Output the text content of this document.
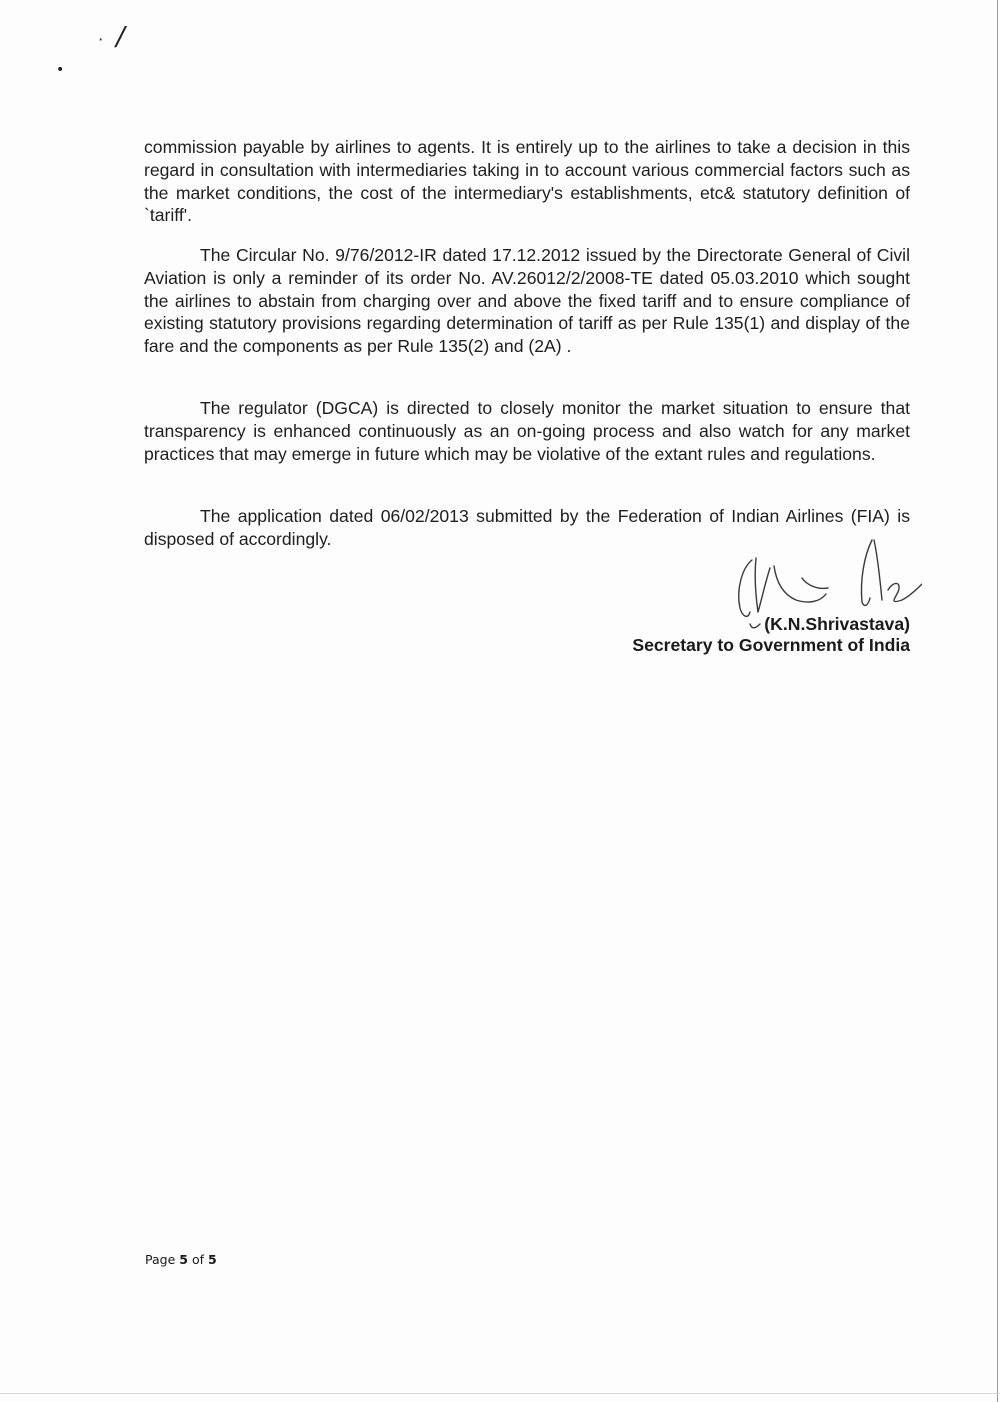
⋅ /
•

commission payable by airlines to agents. It is entirely up to the airlines to take a decision in this regard in consultation with intermediaries taking in to account various commercial factors such as the market conditions, the cost of the intermediary's establishments, etc& statutory definition of `tariff'.

The Circular No. 9/76/2012-IR dated 17.12.2012 issued by the Directorate General of Civil Aviation is only a reminder of its order No. AV.26012/2/2008-TE dated 05.03.2010 which sought the airlines to abstain from charging over and above the fixed tariff and to ensure compliance of existing statutory provisions regarding determination of tariff as per Rule 135(1) and display of the fare and the components as per Rule 135(2) and (2A) .

The regulator (DGCA) is directed to closely monitor the market situation to ensure that transparency is enhanced continuously as an on-going process and also watch for any market practices that may emerge in future which may be violative of the extant rules and regulations.

The application dated 06/02/2013 submitted by the Federation of Indian Airlines (FIA) is disposed of accordingly.

(K.N.Shrivastava)
Secretary to Government of India
Page 5 of 5
